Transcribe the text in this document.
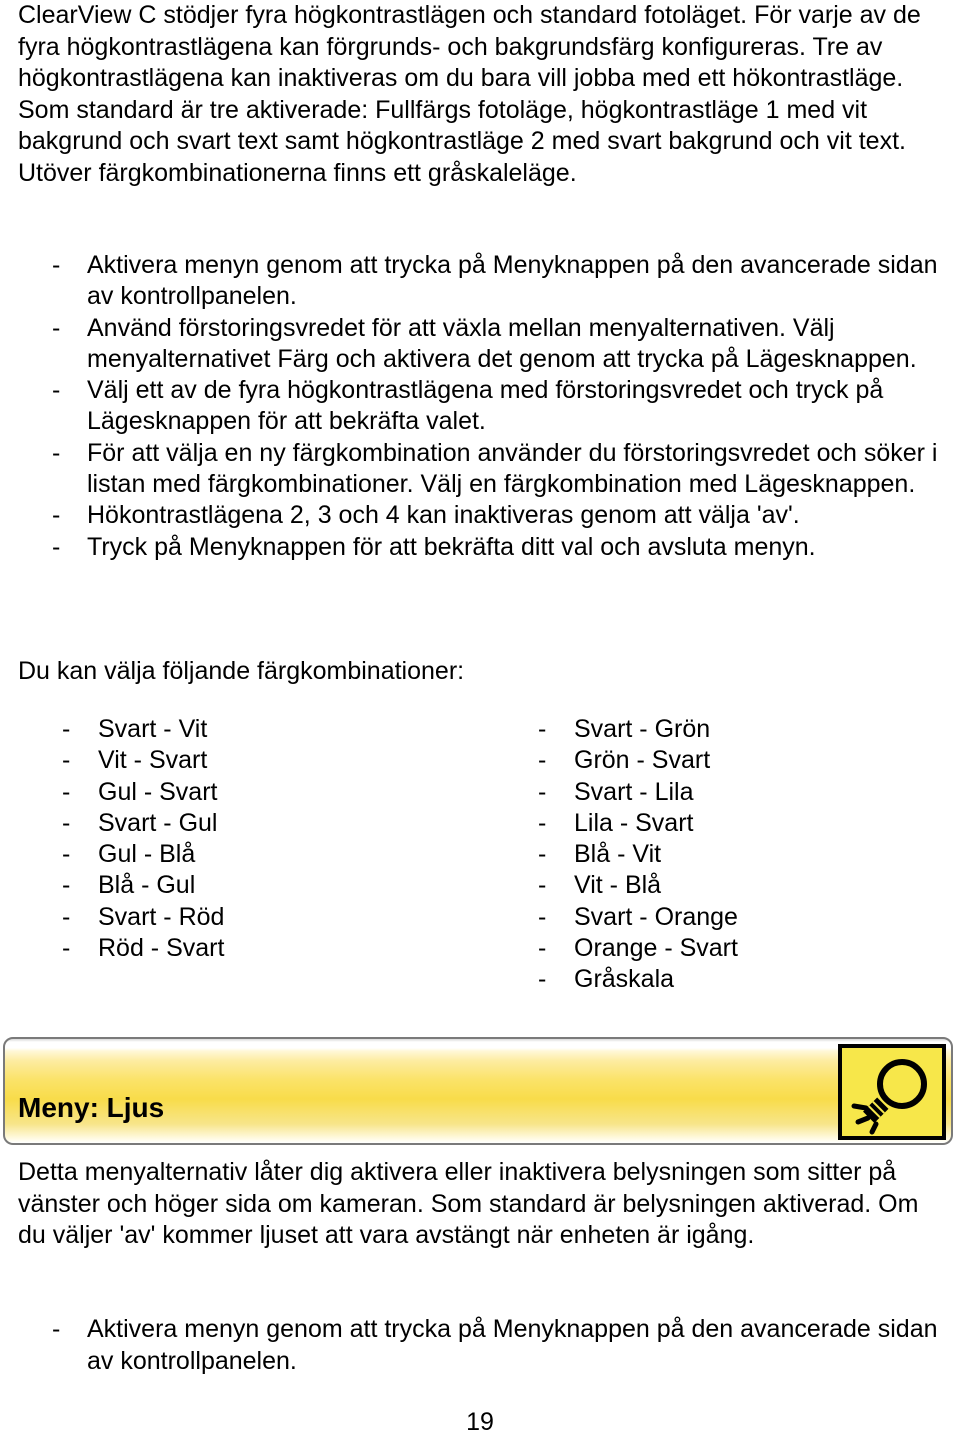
ClearView C stödjer fyra högkontrastlägen och standard fotoläget. För varje av de fyra högkontrastlägena kan förgrunds- och bakgrundsfärg konfigureras. Tre av högkontrastlägena kan inaktiveras om du bara vill jobba med ett hökontrastläge. Som standard är tre aktiverade: Fullfärgs fotoläge, högkontrastläge 1 med vit bakgrund och svart text samt högkontrastläge 2 med svart bakgrund och vit text. Utöver färgkombinationerna finns ett gråskaleläge.

- Aktivera menyn genom att trycka på Menyknappen på den avancerade sidan av kontrollpanelen.
- Använd förstoringsvredet för att växla mellan menyalternativen. Välj menyalternativet Färg och aktivera det genom att trycka på Lägesknappen.
- Välj ett av de fyra högkontrastlägena med förstoringsvredet och tryck på Lägesknappen för att bekräfta valet.
- För att välja en ny färgkombination använder du förstoringsvredet och söker i listan med färgkombinationer. Välj en färgkombination med Lägesknappen.
- Hökontrastlägena 2, 3 och 4 kan inaktiveras genom att välja 'av'.
- Tryck på Menyknappen för att bekräfta ditt val och avsluta menyn.

Du kan välja följande färgkombinationer:

- Svart - Vit
- Vit - Svart
- Gul - Svart
- Svart - Gul
- Gul - Blå
- Blå - Gul
- Svart - Röd
- Röd - Svart
- Svart - Grön
- Grön - Svart
- Svart - Lila
- Lila - Svart
- Blå - Vit
- Vit - Blå
- Svart - Orange
- Orange - Svart
- Gråskala
Meny: Ljus

Detta menyalternativ låter dig aktivera eller inaktivera belysningen som sitter på vänster och höger sida om kameran. Som standard är belysningen aktiverad. Om du väljer 'av' kommer ljuset att vara avstängt när enheten är igång.

- Aktivera menyn genom att trycka på Menyknappen på den avancerade sidan av kontrollpanelen.
19
